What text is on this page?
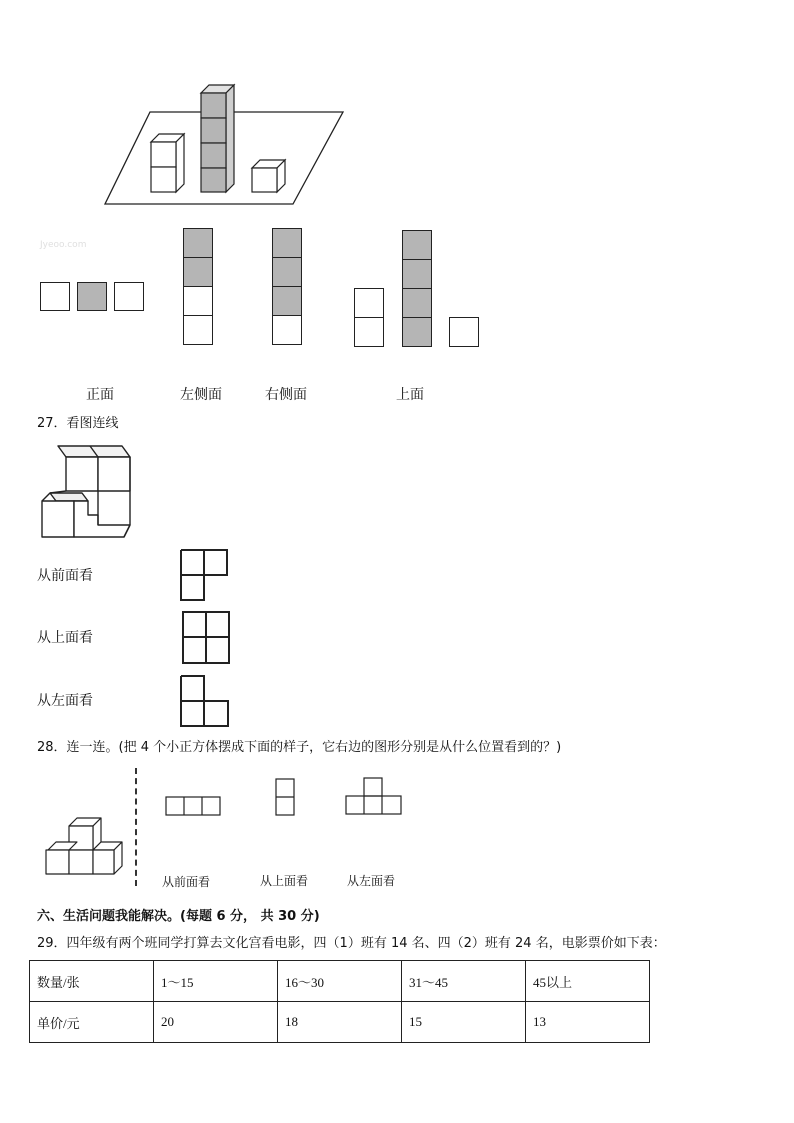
Jyeoo.com
正面	左侧面	右侧面	上面
27．看图连线
从前面看
从上面看
从左面看
28．连一连。(把 4 个小正方体摆成下面的样子，它右边的图形分别是从什么位置看到的？)
从前面看	从上面看	从左面看
六、生活问题我能解决。(每题 6 分， 共 30 分)
29．四年级有两个班同学打算去文化宫看电影，四（1）班有 14 名、四（2）班有 24 名，电影票价如下表：
数量/张	1～15	16～30	31～45	45以上
单价/元	20	18	15	13
